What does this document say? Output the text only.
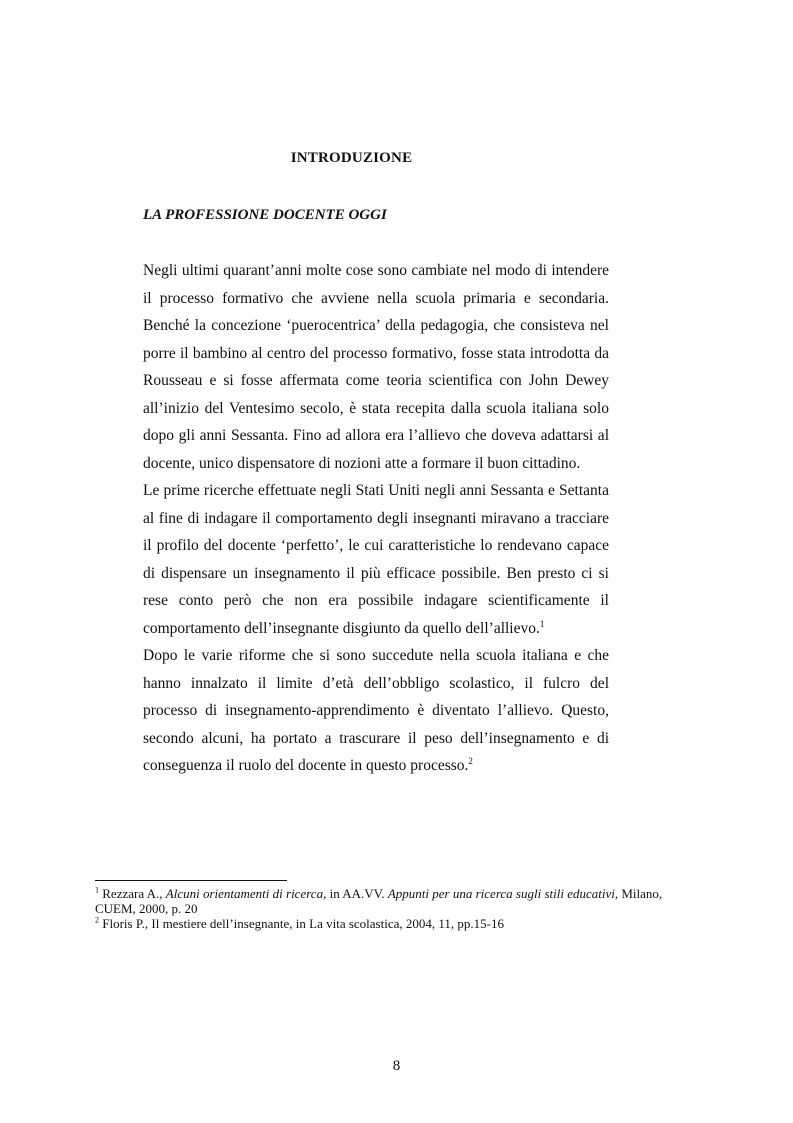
INTRODUZIONE
LA PROFESSIONE DOCENTE OGGI

Negli ultimi quarant’anni molte cose sono cambiate nel modo di intendere il processo formativo che avviene nella scuola primaria e secondaria. Benché la concezione ‘puerocentrica’ della pedagogia, che consisteva nel porre il bambino al centro del processo formativo, fosse stata introdotta da Rousseau e si fosse affermata come teoria scientifica con John Dewey all’inizio del Ventesimo secolo, è stata recepita dalla scuola italiana solo dopo gli anni Sessanta. Fino ad allora era l’allievo che doveva adattarsi al docente, unico dispensatore di nozioni atte a formare il buon cittadino.

Le prime ricerche effettuate negli Stati Uniti negli anni Sessanta e Settanta al fine di indagare il comportamento degli insegnanti miravano a tracciare il profilo del docente ‘perfetto’, le cui caratteristiche lo rendevano capace di dispensare un insegnamento il più efficace possibile. Ben presto ci si rese conto però che non era possibile indagare scientificamente il comportamento dell’insegnante disgiunto da quello dell’allievo.$^1$

Dopo le varie riforme che si sono succedute nella scuola italiana e che hanno innalzato il limite d’età dell’obbligo scolastico, il fulcro del processo di insegnamento-apprendimento è diventato l’allievo. Questo, secondo alcuni, ha portato a trascurare il peso dell’insegnamento e di conseguenza il ruolo del docente in questo processo.$^2$

$^1$ Rezzara A., Alcuni orientamenti di ricerca, in AA.VV. Appunti per una ricerca sugli stili educativi, Milano, CUEM, 2000, p. 20

$^2$ Floris P., Il mestiere dell’insegnante, in La vita scolastica, 2004, 11, pp.15-16

8
